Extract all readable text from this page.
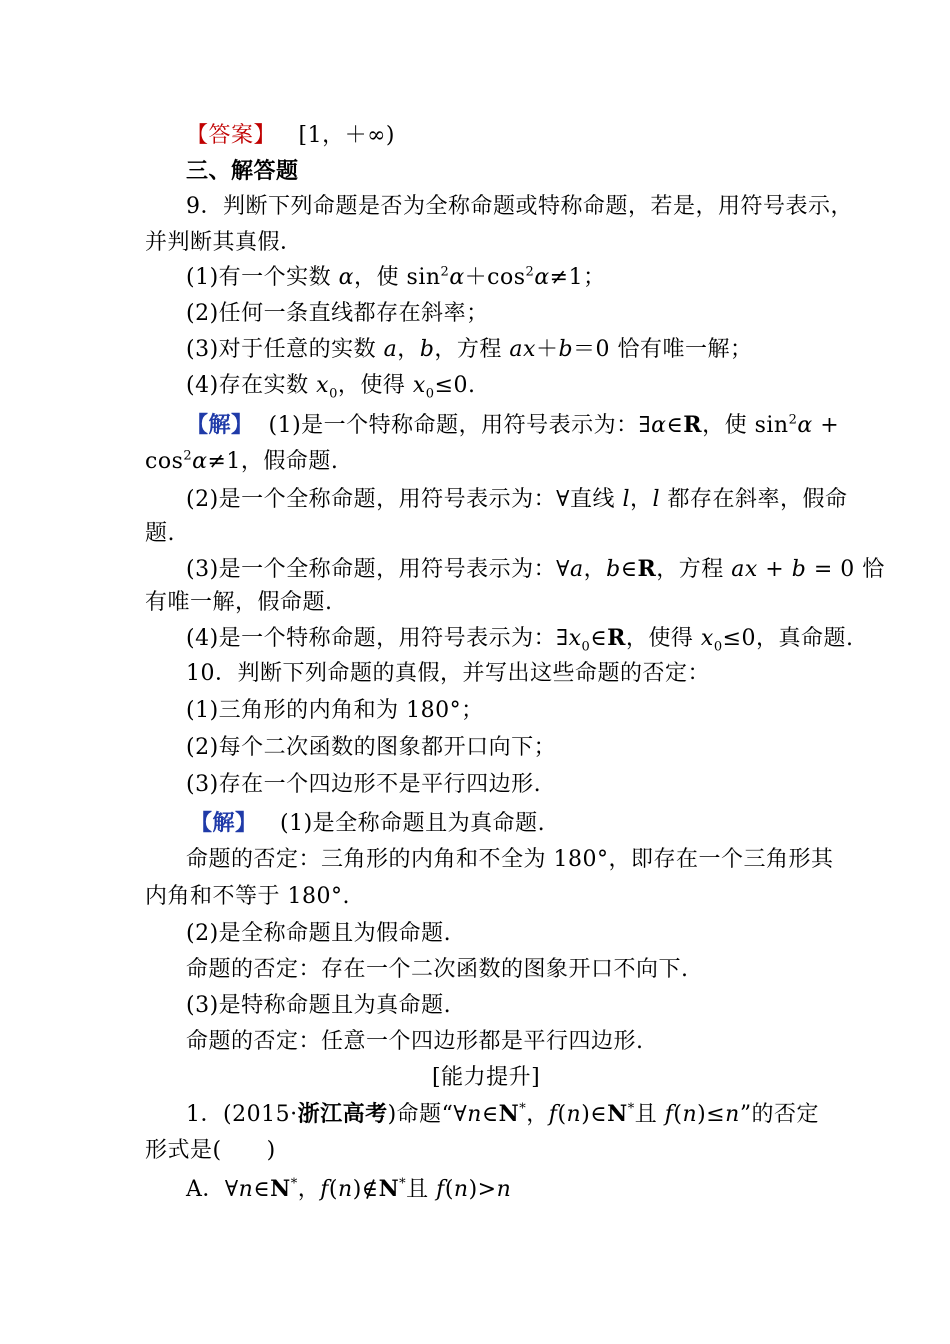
【答案】 [1，＋∞)
三、解答题
9．判断下列命题是否为全称命题或特称命题，若是，用符号表示，
并判断其真假．
(1)有一个实数 α，使 $\sin^2\alpha+\cos^2\alpha\ne 1$；
(2)任何一条直线都存在斜率；
(3)对于任意的实数 a，b，方程 ax＋b＝0 恰有唯一解；
(4)存在实数 $x_0$，使得 $x_0\le 0$.
【解】 (1)是一个特称命题，用符号表示为：∃α∈R，使 $\sin^2\alpha$ +
$\cos^2\alpha\ne 1$，假命题.
(2)是一个全称命题，用符号表示为：∀直线 l，l 都存在斜率，假命
题.
(3)是一个全称命题，用符号表示为：∀a，b∈R，方程 ax + b = 0 恰
有唯一解，假命题.
(4)是一个特称命题，用符号表示为：$\exists x_0\in R$，使得 $x_0\le 0$，真命题.
10．判断下列命题的真假，并写出这些命题的否定：
(1)三角形的内角和为 180°；
(2)每个二次函数的图象都开口向下；
(3)存在一个四边形不是平行四边形.
【解】 (1)是全称命题且为真命题.
命题的否定：三角形的内角和不全为 180°，即存在一个三角形其
内角和不等于 180°.
(2)是全称命题且为假命题.
命题的否定：存在一个二次函数的图象开口不向下.
(3)是特称命题且为真命题.
命题的否定：任意一个四边形都是平行四边形.
[能力提升]
1．(2015·浙江高考)命题“∀n∈N*，f(n)∈N*且 f(n)≤n”的否定
形式是(　　)
A．∀n∈N*，f(n)∉N*且 f(n)>n
